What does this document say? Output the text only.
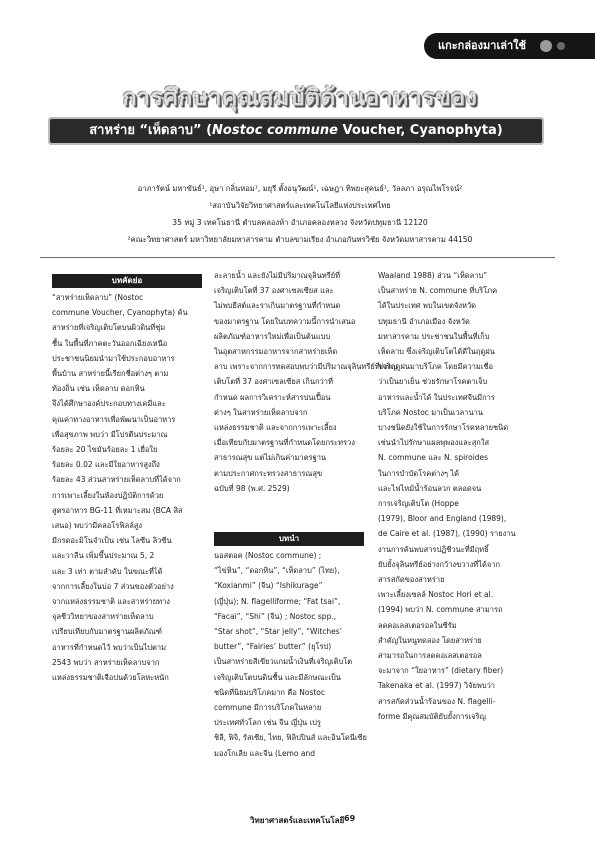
แกะกล่องมาเล่าใช้
การศึกษาคุณสมบัติด้านอาหารของ
สาหร่าย “เห็ดลาบ” (Nostoc commune Voucher, Cyanophyta)
อาภารัตน์ มหาขันธ์¹, อุษา กลิ่นหอม¹, มยุรี ตั้งอนุวัฒน์¹, เฉษฎา ทิพยะสุคนธ์¹, วัลลภา อรุณไพโรจน์²
¹สถาบันวิจัยวิทยาศาสตร์และเทคโนโลยีแห่งประเทศไทย
35 หมู่ 3 เทคโนธานี ตำบลคลองห้า อำเภอคลองหลวง จังหวัดปทุมธานี 12120
²คณะวิทยาศาสตร์ มหาวิทยาลัยมหาสารคาม ตำบลขามเรียง อำเภอกันทรวิชัย จังหวัดมหาสารคาม 44150
บทคัดย่อ

“สาหร่ายเห็ดลาบ” (Nostoc

commune Voucher, Cyanophyta) ค้น

สาหร่ายที่เจริญเติบโตบนผิวดินที่ชุ่ม

ชื้น ในพื้นที่ภาคตะวันออกเฉียงเหนือ

ประชาชนนิยมนำมาใช้ประกอบอาหาร

พื้นบ้าน สาหร่ายนี้เรียกชื่อต่างๆ ตาม

ท้องถิ่น เช่น เห็ดลาบ ดอกหิน

จึงได้ศึกษาองค์ประกอบทางเคมีและ

คุณค่าทางอาหารเพื่อพัฒนาเป็นอาหาร

เพื่อสุขภาพ พบว่า มีโปรตีนประมาณ

ร้อยละ 20 ไขมันร้อยละ 1 เยื่อใย

ร้อยละ 0.02 และมีใยอาหารสูงถึง

ร้อยละ 43 ส่วนสาหร่ายเห็ดลาบที่ได้จาก

การเพาะเลี้ยงในห้องปฏิบัติการด้วย

สูตรอาหาร BG-11 ที่เหมาะสม (BCA สิส

เสนอ) พบว่ามีคลอโรฟิลล์สูง

มีกรดอะมิโนจำเป็น เช่น ไลซีน ลิวซีน

และวาลีน เพิ่มขึ้นประมาณ 5, 2

และ 3 เท่า ตามลำดับ ในขณะที่ได้

จากการเลี้ยงในบ่อ 7 ส่วนของตัวอย่าง

จากแหล่งธรรมชาติ และสาหร่ายทาง

จุลชีววิทยาของสาหร่ายเห็ดลาบ

เปรียบเทียบกับมาตรฐานผลิตภัณฑ์

อาหารที่กำหนดไว้ พบว่าเป็นไปตาม

2543 พบว่า สาหร่ายเห็ดลาบจาก

แหล่งธรรมชาติเจือปนด้วยโลหะหนัก

ละลายน้ำ และยังไม่มีปริมาณจุลินทรีย์ที่

เจริญเติบโตที่ 37 องศาเซลเซียส และ

ไม่พบยีสต์และราเกินมาตรฐานที่กำหนด

ของมาตรฐาน โดยในบทความนี้การนำเสนอ

ผลิตภัณฑ์อาหารใหม่เพื่อเป็นต้นแบบ

ในอุตสาหกรรมอาหารจากสาหร่ายเห็ด

ลาบ เพราะจากการทดสอบพบว่ามีปริมาณจุลินทรีย์ที่เจริญ

เติบโตที่ 37 องศาเซลเซียส เกินกว่าที่

กำหนด ผลการวิเคราะห์สารปนเปื้อน

ต่างๆ ในสาหร่ายเห็ดลาบจาก

แหล่งธรรมชาติ และจากการเพาะเลี้ยง

เมื่อเทียบกับมาตรฐานที่กำหนดโดยกระทรวง

สาธารณสุข แต่ไม่เกินค่ามาตรฐาน

ตามประกาศกระทรวงสาธารณสุข

ฉบับที่ 98 (พ.ศ. 2529)

บทนำ

นอสตอค (Nostoc commune) ;

“ไข่หิน”, “ดอกหิน”, “เห็ดลาบ” (ไทย),

“Koxianmi” (จีน) “Ishikurage”

(ญี่ปุ่น); N. flagelliforme; “Fat tsai”,

“Facai”, “Shi” (จีน) ; Nostoc spp.,

“Star shot”, “Star jelly”, “Witches’

butter”, “Fairies’ butter” (ยุโรป)

เป็นสาหร่ายสีเขียวแกมน้ำเงินที่เจริญเติบโต

เจริญเติบโตบนดินชื้น และมีลักษณะเป็น

ชนิดที่นิยมบริโภคมาก คือ Nostoc

commune มีการบริโภคในหลาย

ประเทศทั่วโลก เช่น จีน ญี่ปุ่น เปรู

ชิลี, ฟิจิ, รัสเซีย, ไทย, ฟิลิปปินส์ และอินโดนีเซีย

มองโกเลีย และจีน (Lemo and

Waaland 1988) ส่วน “เห็ดลาบ”

เป็นสาหร่าย N. commune ที่บริโภค

ได้ในประเทศ พบในเขตจังหวัด

ปทุมธานี อำเภอเมือง จังหวัด

มหาสารคาม ประชาชนในพื้นที่เก็บ

เห็ดลาบ ซึ่งเจริญเติบโตได้ดีในฤดูฝน

ช่วงฤดูฝนมาบริโภค โดยมีความเชื่อ

ว่าเป็นยาเย็น ช่วยรักษาโรคตาเจ็บ

อาหารและน้ำได้ ในประเทศจีนมีการ

บริโภค Nostoc มาเป็นเวลานาน

บางชนิดยังใช้ในการรักษาโรคหลายชนิด

เช่นนำไปรักษาแผลพุพองและสุกใส

N. commune และ N. spiroides

ในการบำบัดโรคต่างๆ ได้

และไฟไหม้น้ำร้อนลวก ตลอดจน

การเจริญเติบโต (Hoppe

(1979), Bloor and England (1989),

de Caire et al. (1987), (1990) รายงาน

งานการค้นพบสารปฏิชีวนะที่มีฤทธิ์

ยับยั้งจุลินทรีย์อย่างกว้างขวางที่ได้จาก

สารสกัดของสาหร่าย

เพาะเลี้ยงเซลล์ Nostoc Hori et al.

(1994) พบว่า N. commune สามารถ

ลดคอเลสเตอรอลในซีรัม

สำคัญในหนูทดลอง โดยสาหร่าย

สามารถในการลดคอเลสเตอรอล

จะมาจาก “ใยอาหาร” (dietary fiber)

Takenaka et al. (1997) วิจัยพบว่า

สารสกัดส่วนน้ำร้อนของ N. flagelli-

forme มีคุณสมบัติยับยั้งการเจริญ

วิทยาศาสตร์และเทคโนโลยี 69
